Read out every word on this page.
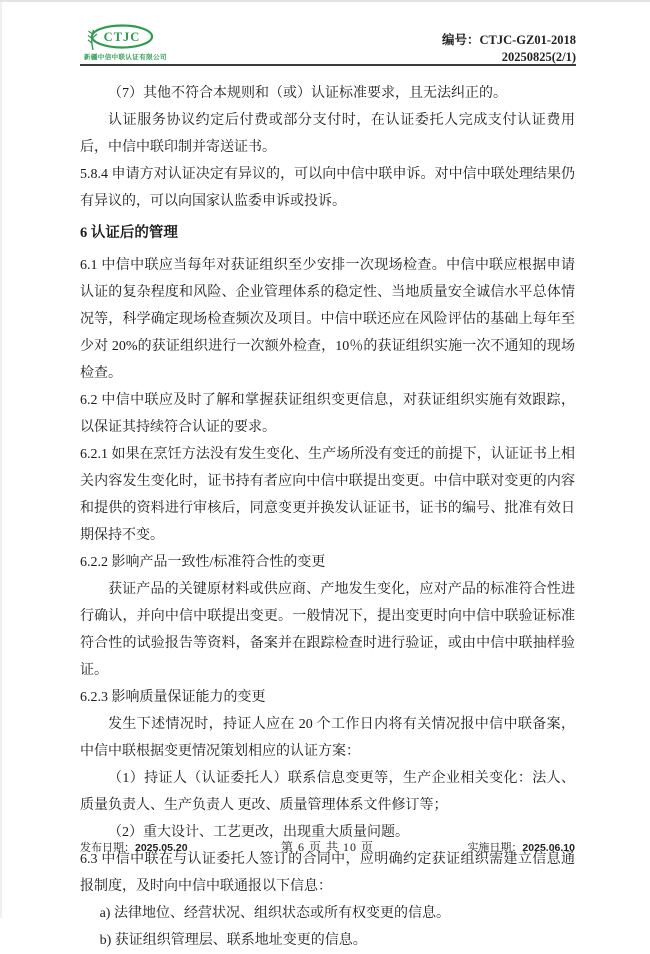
CTJC
新疆中信中联认证有限公司
编号：CTJC-GZ01-2018
20250825(2/1)

（7）其他不符合本规则和（或）认证标准要求，且无法纠正的。

认证服务协议约定后付费或部分支付时，在认证委托人完成支付认证费用后，中信中联印制并寄送证书。

5.8.4 申请方对认证决定有异议的，可以向中信中联申诉。对中信中联处理结果仍有异议的，可以向国家认监委申诉或投诉。

6 认证后的管理

6.1 中信中联应当每年对获证组织至少安排一次现场检查。中信中联应根据申请认证的复杂程度和风险、企业管理体系的稳定性、当地质量安全诚信水平总体情况等，科学确定现场检查频次及项目。中信中联还应在风险评估的基础上每年至少对 20%的获证组织进行一次额外检查，10％的获证组织实施一次不通知的现场检查。

6.2 中信中联应及时了解和掌握获证组织变更信息，对获证组织实施有效跟踪，以保证其持续符合认证的要求。

6.2.1 如果在烹饪方法没有发生变化、生产场所没有变迁的前提下，认证证书上相关内容发生变化时，证书持有者应向中信中联提出变更。中信中联对变更的内容和提供的资料进行审核后，同意变更并换发认证证书，证书的编号、批准有效日期保持不变。

6.2.2 影响产品一致性/标准符合性的变更

获证产品的关键原材料或供应商、产地发生变化，应对产品的标准符合性进行确认，并向中信中联提出变更。一般情况下，提出变更时向中信中联验证标准符合性的试验报告等资料，备案并在跟踪检查时进行验证，或由中信中联抽样验证。

6.2.3 影响质量保证能力的变更

发生下述情况时，持证人应在 20 个工作日内将有关情况报中信中联备案，中信中联根据变更情况策划相应的认证方案：

（1）持证人（认证委托人）联系信息变更等，生产企业相关变化：法人、质量负责人、生产负责人 更改、质量管理体系文件修订等；

（2）重大设计、工艺更改，出现重大质量问题。

6.3 中信中联在与认证委托人签订的合同中，应明确约定获证组织需建立信息通报制度，及时向中信中联通报以下信息：

a) 法律地位、经营状况、组织状态或所有权变更的信息。

b) 获证组织管理层、联系地址变更的信息。

发布日期：2025.05.20	第 6 页 共 10 页	实施日期：2025.06.10
